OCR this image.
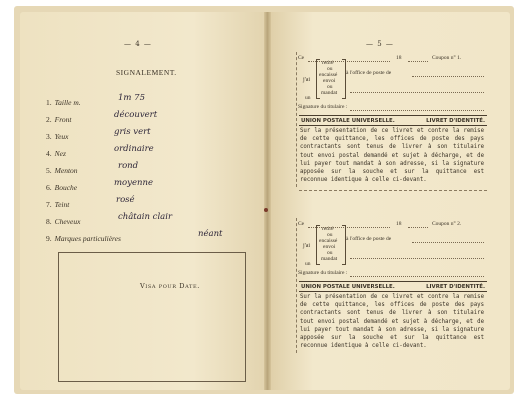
— 4 —
SIGNALEMENT.
1. Taille m.	1m 75
2. Front	découvert
3. Yeux	gris vert
4. Nez	ordinaire
5. Menton	rond
6. Bouche	moyenne
7. Teint	rosé
8. Cheveux	châtain clair
9. Marques particulières	néant
Visa pour Date.
— 5 —
Ce	18	Coupon n° 1.
j'ai
un
retiré
ou
encaissé
envoi
ou
mandat
à l'office de poste de
Signature du titulaire :
UNION POSTALE UNIVERSELLE.	LIVRET D'IDENTITÉ.
Sur la présentation de ce livret et contre la remise de cette quittance, les offices de poste des pays contractants sont tenus de livrer à son titulaire tout envoi postal demandé et sujet à décharge, et de lui payer tout mandat à son adresse, si la signature apposée sur la souche et sur la quittance est reconnue identique à celle ci-devant.
Ce	18	Coupon n° 2.
j'ai
un
retiré
ou
encaissé
envoi
ou
mandat
à l'office de poste de
Signature du titulaire :
UNION POSTALE UNIVERSELLE.	LIVRET D'IDENTITÉ.
Sur la présentation de ce livret et contre la remise de cette quittance, les offices de poste des pays contractants sont tenus de livrer à son titulaire tout envoi postal demandé et sujet à décharge, et de lui payer tout mandat à son adresse, si la signature apposée sur la souche et sur la quittance est reconnue identique à celle ci-devant.
